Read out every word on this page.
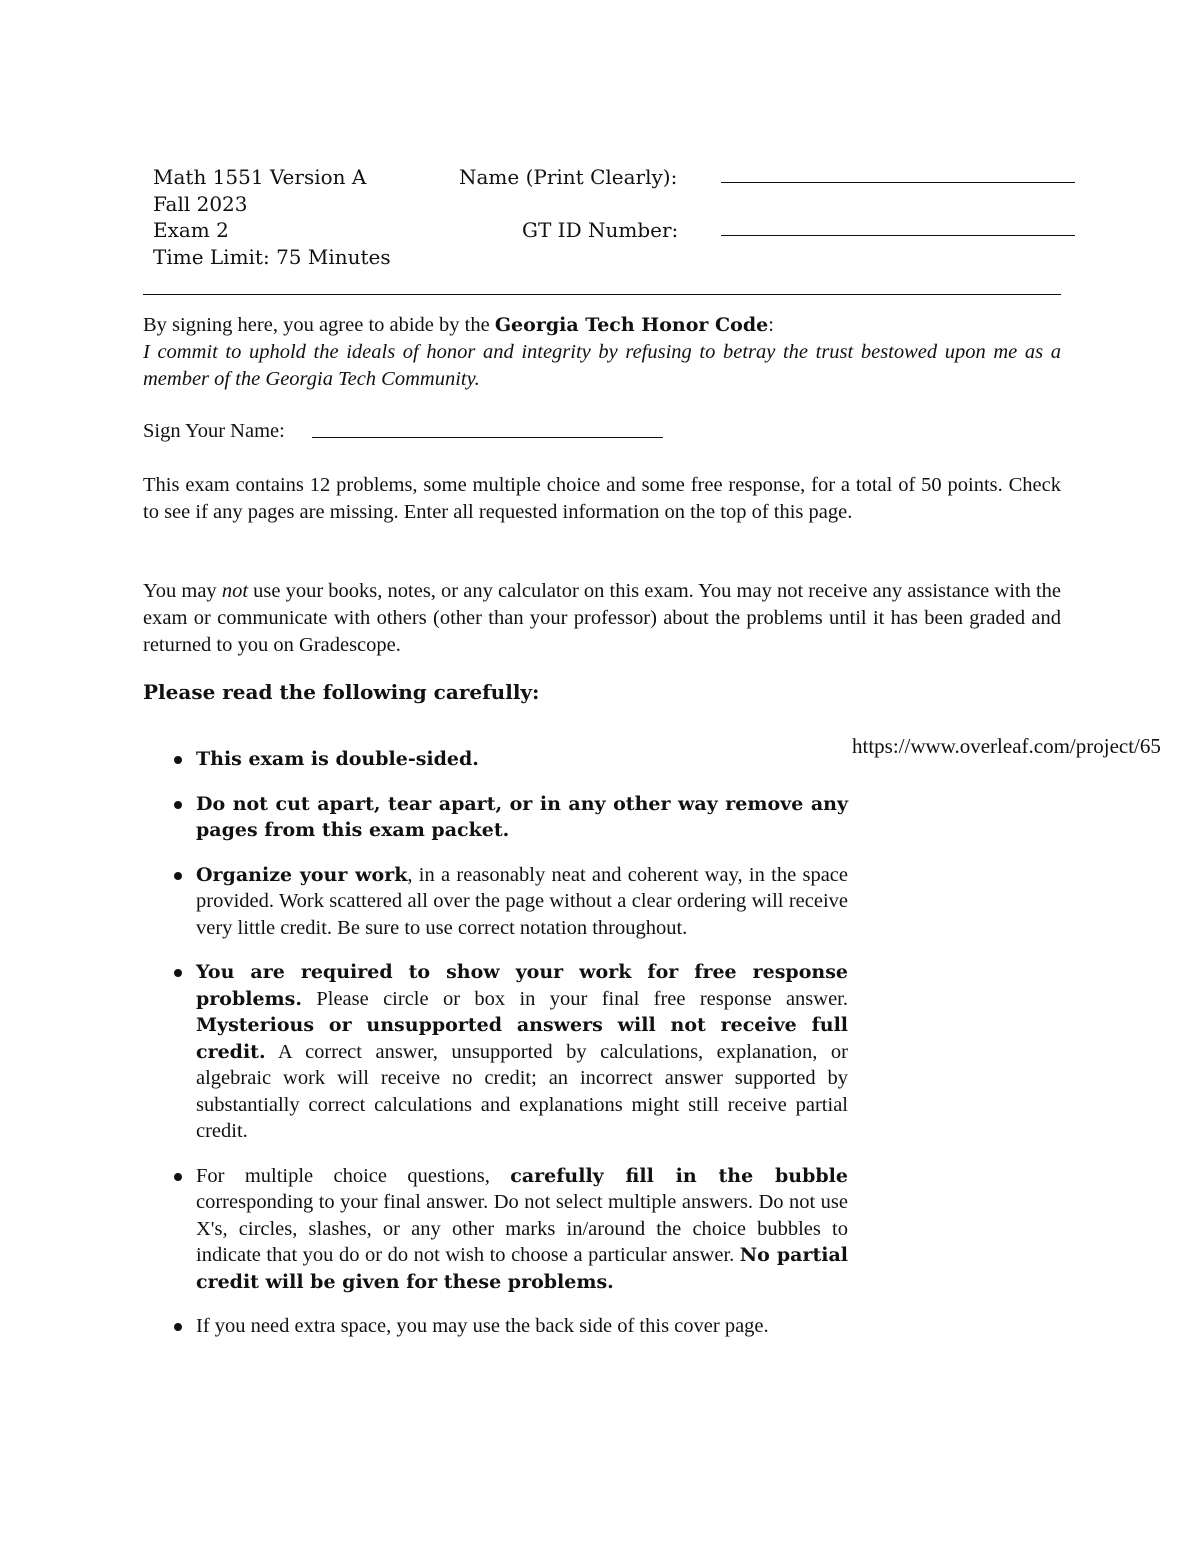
Math 1551 Version A
Fall 2023
Exam 2
Time Limit: 75 Minutes
Name (Print Clearly):
GT ID Number:
By signing here, you agree to abide by the Georgia Tech Honor Code:
I commit to uphold the ideals of honor and integrity by refusing to betray the trust bestowed upon me as a member of the Georgia Tech Community.
Sign Your Name:
This exam contains 12 problems, some multiple choice and some free response, for a total of 50 points. Check to see if any pages are missing. Enter all requested information on the top of this page.
You may not use your books, notes, or any calculator on this exam. You may not receive any assistance with the exam or communicate with others (other than your professor) about the problems until it has been graded and returned to you on Gradescope.
Please read the following carefully:
https://www.overleaf.com/project/65
This exam is double-sided.
Do not cut apart, tear apart, or in any other way remove any pages from this exam packet.
Organize your work, in a reasonably neat and coherent way, in the space provided. Work scattered all over the page without a clear ordering will receive very little credit. Be sure to use correct notation throughout.
You are required to show your work for free response problems. Please circle or box in your final free response answer. Mysterious or unsupported answers will not receive full credit. A correct answer, unsupported by calculations, explanation, or algebraic work will receive no credit; an incorrect answer supported by substantially correct calculations and explanations might still receive partial credit.
For multiple choice questions, carefully fill in the bubble corresponding to your final answer. Do not select multiple answers. Do not use X's, circles, slashes, or any other marks in/around the choice bubbles to indicate that you do or do not wish to choose a particular answer. No partial credit will be given for these problems.
If you need extra space, you may use the back side of this cover page.
